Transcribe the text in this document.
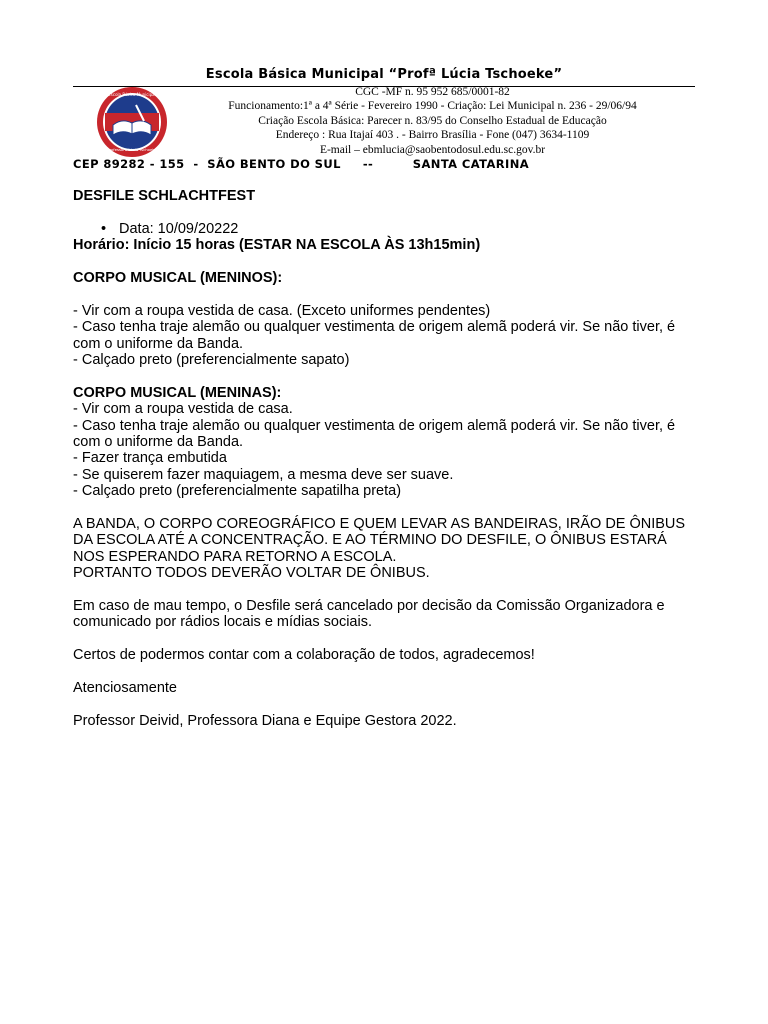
Escola Básica Municipal “Profª Lúcia Tschoeke”
Escola Básica Municipal
Professora Lúcia Tschoeke
CGC -MF n. 95 952 685/0001-82
Funcionamento:1ª a 4ª Série - Fevereiro 1990 - Criação: Lei Municipal n. 236 - 29/06/94
Criação Escola Básica: Parecer n. 83/95 do Conselho Estadual de Educação
Endereço : Rua Itajaí 403 . - Bairro Brasília - Fone (047) 3634-1109
E-mail – ebmlucia@saobentodosul.edu.sc.gov.br
CEP 89282 - 155  -  SÃO BENTO DO SUL     --         SANTA CATARINA

DESFILE SCHLACHTFEST

• Data: 10/09/20222

Horário: Início 15 horas (ESTAR NA ESCOLA ÀS 13h15min)

CORPO MUSICAL (MENINOS):

- Vir com a roupa vestida de casa. (Exceto uniformes pendentes)

- Caso tenha traje alemão ou qualquer vestimenta de origem alemã poderá vir. Se não tiver, é com o uniforme da Banda.

- Calçado preto (preferencialmente sapato)

CORPO MUSICAL (MENINAS):

- Vir com a roupa vestida de casa.

- Caso tenha traje alemão ou qualquer vestimenta de origem alemã poderá vir. Se não tiver, é com o uniforme da Banda.

- Fazer trança embutida

- Se quiserem fazer maquiagem, a mesma deve ser suave.

- Calçado preto (preferencialmente sapatilha preta)

A BANDA, O CORPO COREOGRÁFICO E QUEM LEVAR AS BANDEIRAS, IRÃO DE ÔNIBUS DA ESCOLA ATÉ A CONCENTRAÇÃO. E AO TÉRMINO DO DESFILE, O ÔNIBUS ESTARÁ NOS ESPERANDO PARA RETORNO A ESCOLA.

PORTANTO TODOS DEVERÃO VOLTAR DE ÔNIBUS.

Em caso de mau tempo, o Desfile será cancelado por decisão da Comissão Organizadora e comunicado por rádios locais e mídias sociais.

Certos de podermos contar com a colaboração de todos, agradecemos!

Atenciosamente

Professor Deivid, Professora Diana e Equipe Gestora 2022.
